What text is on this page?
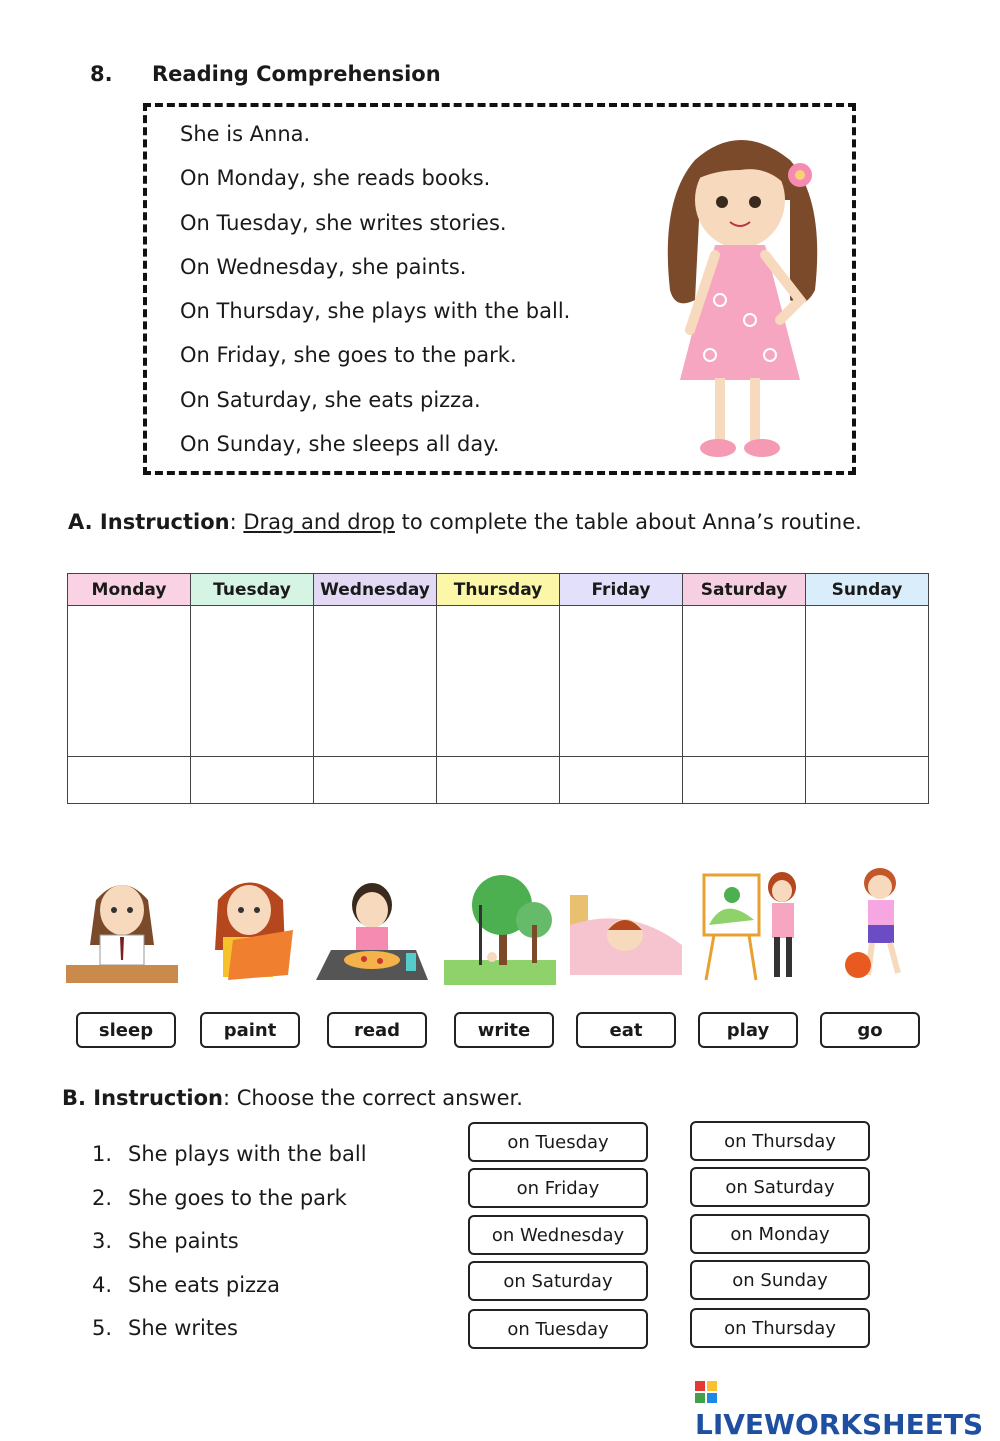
8. Reading Comprehension
She is Anna.
On Monday, she reads books.
On Tuesday, she writes stories.
On Wednesday, she paints.
On Thursday, she plays with the ball.
On Friday, she goes to the park.
On Saturday, she eats pizza.
On Sunday, she sleeps all day.
A. Instruction: Drag and drop to complete the table about Anna’s routine.
Monday	Tuesday	Wednesday	Thursday	Friday	Saturday	Sunday

sleep	paint	read	write	eat	play	go
B. Instruction: Choose the correct answer.
1. She plays with the ball
2. She goes to the park
3. She paints
4. She eats pizza
5. She writes
on Tuesday	on Thursday
on Friday	on Saturday
on Wednesday	on Monday
on Saturday	on Sunday
on Tuesday	on Thursday
LIVEWORKSHEETS
